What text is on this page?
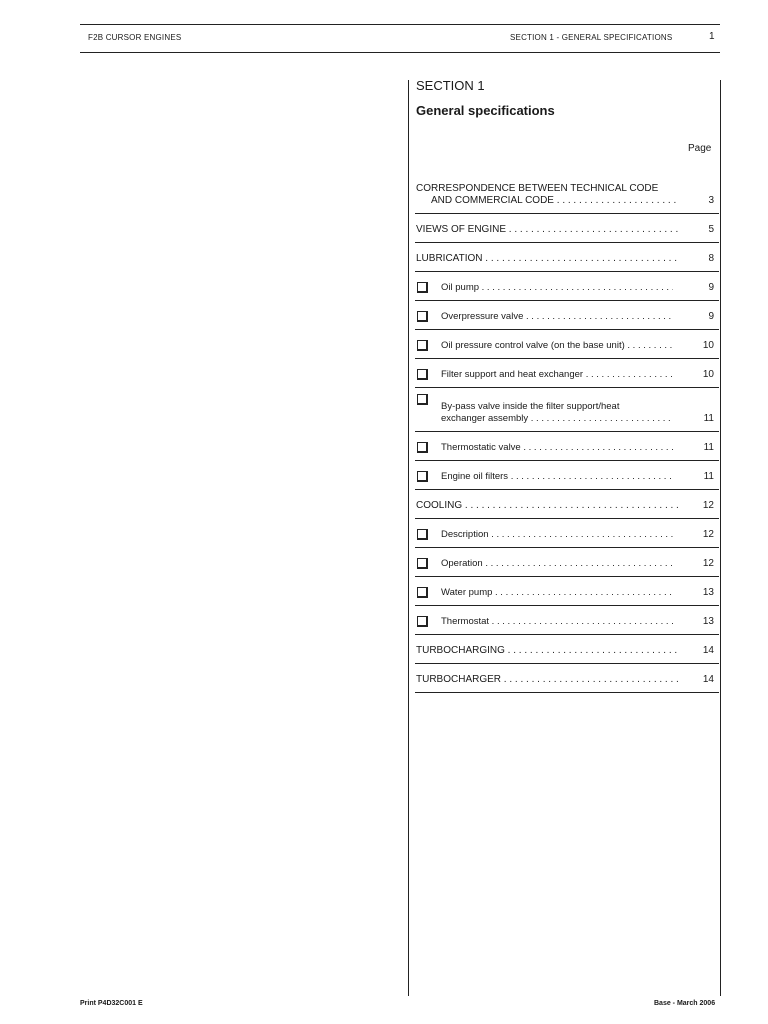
F2B CURSOR ENGINES	SECTION 1 - GENERAL SPECIFICATIONS	1
SECTION 1
General specifications
Page
CORRESPONDENCE BETWEEN TECHNICAL CODE
AND COMMERCIAL CODE . . .	3
VIEWS OF ENGINE . . .	5
LUBRICATION . . .	8
Oil pump . . .	9
Overpressure valve . . .	9
Oil pressure control valve (on the base unit) . . .	10
Filter support and heat exchanger . . .	10
By-pass valve inside the filter support/heat
exchanger assembly . . .	11
Thermostatic valve . . .	11
Engine oil filters . . .	11
COOLING . . .	12
Description . . .	12
Operation . . .	12
Water pump . . .	13
Thermostat . . .	13
TURBOCHARGING . . .	14
TURBOCHARGER . . .	14
Print P4D32C001 E	Base - March 2006
